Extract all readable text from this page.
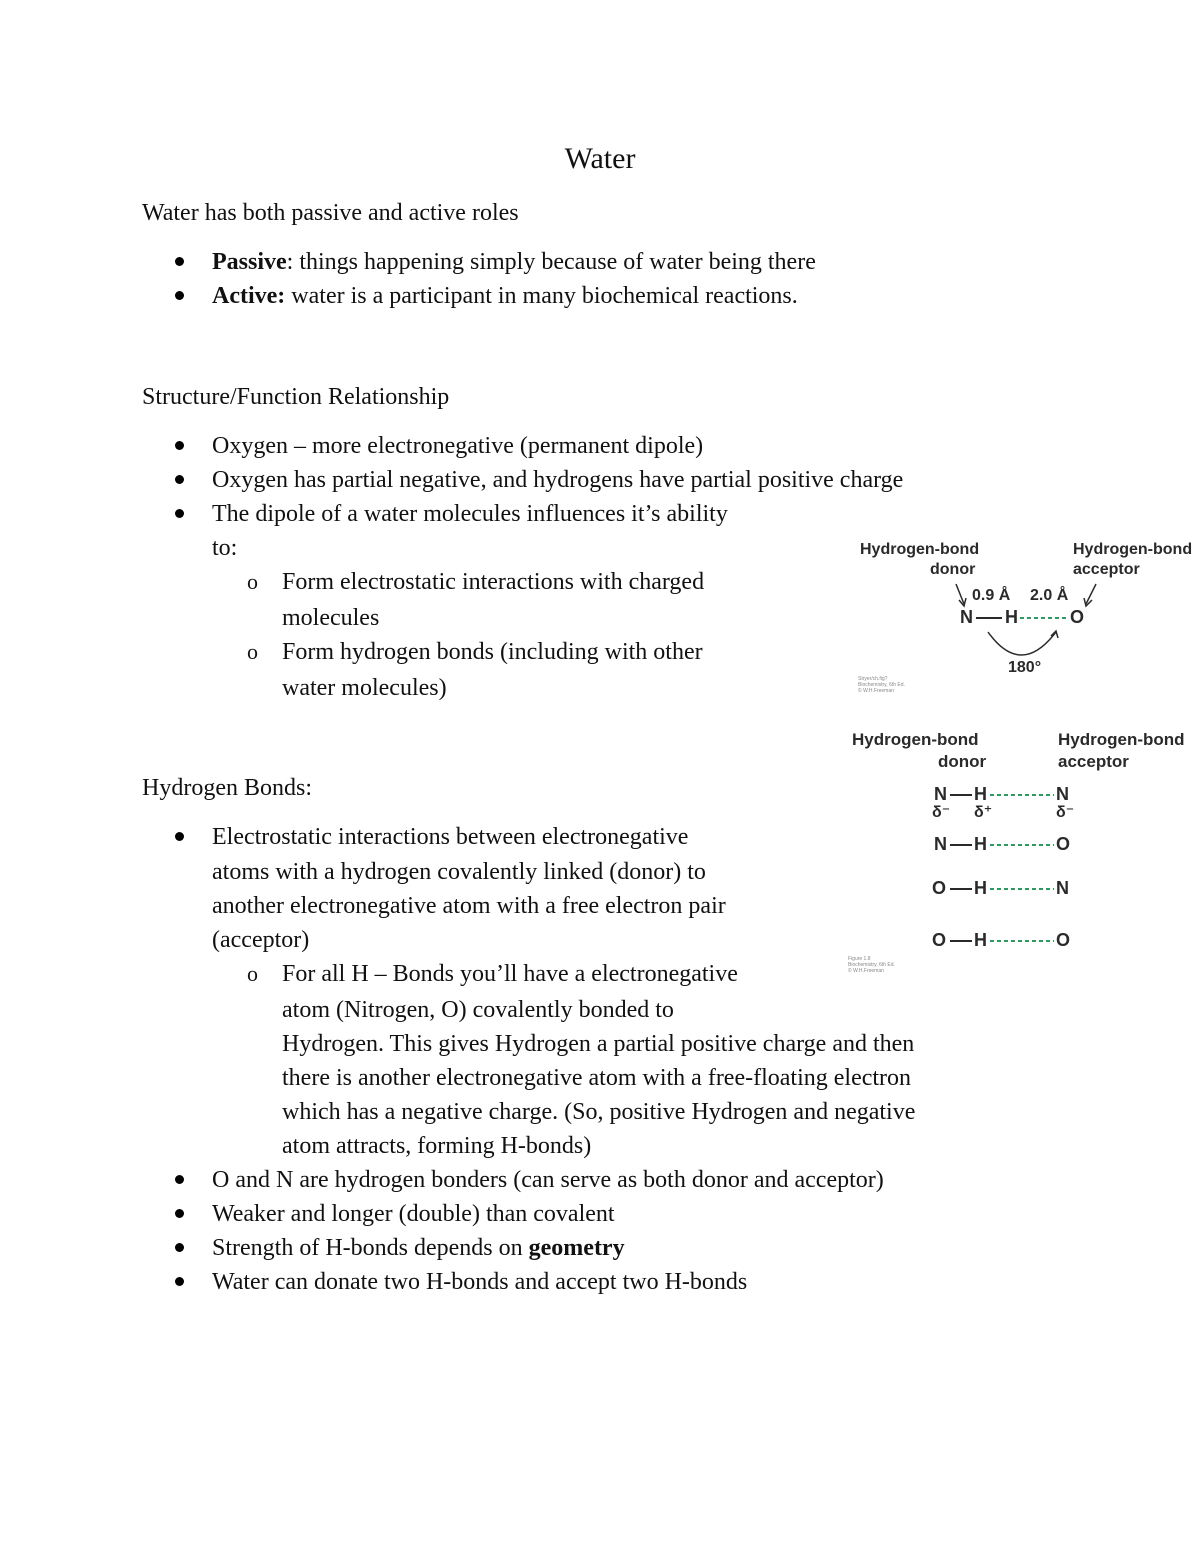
Water
Water has both passive and active roles
Passive: things happening simply because of water being there
Active: water is a participant in many biochemical reactions.
Structure/Function Relationship
Oxygen – more electronegative (permanent dipole)
Oxygen has partial negative, and hydrogens have partial positive charge
The dipole of a water molecules influences it’s ability
to:
o Form electrostatic interactions with charged
molecules
o Form hydrogen bonds (including with other
water molecules)
Hydrogen Bonds:
Electrostatic interactions between electronegative
atoms with a hydrogen covalently linked (donor) to
another electronegative atom with a free electron pair
(acceptor)
o For all H – Bonds you’ll have a electronegative
atom (Nitrogen, O) covalently bonded to
Hydrogen. This gives Hydrogen a partial positive charge and then
there is another electronegative atom with a free-floating electron
which has a negative charge. (So, positive Hydrogen and negative
atom attracts, forming H-bonds)
O and N are hydrogen bonders (can serve as both donor and acceptor)
Weaker and longer (double) than covalent
Strength of H-bonds depends on geometry
Water can donate two H-bonds and accept two H-bonds
Hydrogen-bond
donor
Hydrogen-bond
acceptor
0.9 Å 2.0 Å
N H	O
180°
Stryer/ch.fig?
Biochemistry, 6th Ed.
© W.H.Freeman
Hydrogen-bond
donor
Hydrogen-bond
acceptor
N H	N
δ⁻ δ⁺	δ⁻
N H	O
O H	N
O H	O
Figure 1.8
Biochemistry, 6th Ed.
© W.H.Freeman
